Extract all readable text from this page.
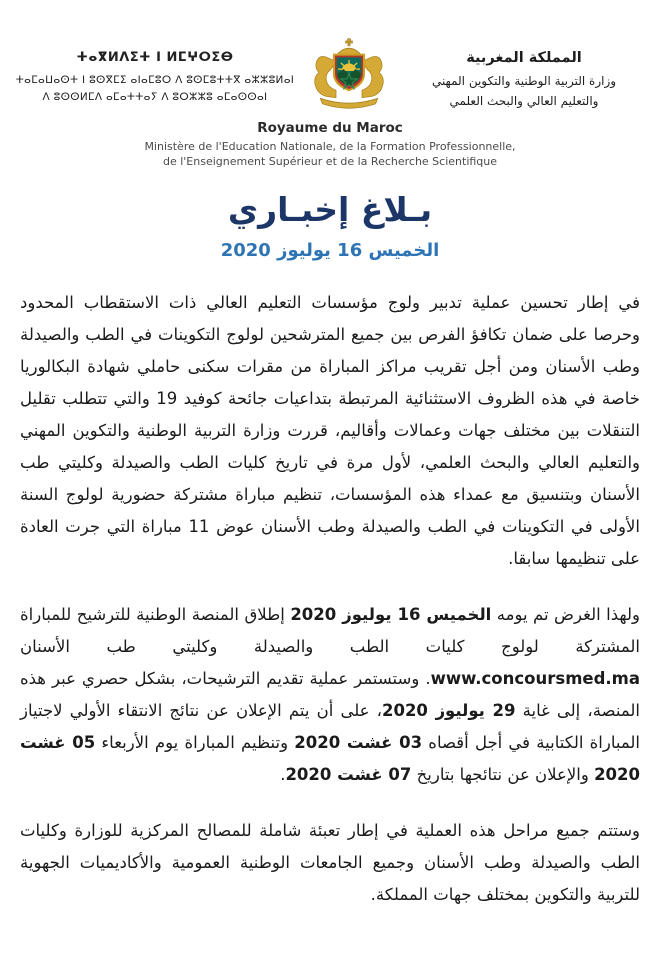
ⵜⴰⴳⵍⴷⵉⵜ ⵏ ⵍⵎⵖⵔⵉⴱ
ⵜⴰⵎⴰⵡⴰⵙⵜ ⵏ ⵓⵙⴳⵎⵉ ⴰⵏⴰⵎⵓⵔ ⴷ ⵓⵙⵎⵓⵜⵜⴳ ⴰⵣⵣⵓⵍⴰⵏ
ⴷ ⵓⵙⵙⵍⵎⴷ ⴰⵎⴰⵜⵜⴰⵢ ⴷ ⵓⵔⵣⵣⵓ ⴰⵎⴰⵙⵙⴰⵏ
المملكة المغربية
وزارة التربية الوطنية والتكوين المهني
والتعليم العالي والبحث العلمي
Royaume du Maroc
Ministère de l'Education Nationale, de la Formation Professionnelle,
de l'Enseignement Supérieur et de la Recherche Scientifique
بـلاغ إخبـاري
الخميس 16 يوليوز 2020

في إطار تحسين عملية تدبير ولوج مؤسسات التعليم العالي ذات الاستقطاب المحدود وحرصا على ضمان تكافؤ الفرص بين جميع المترشحين لولوج التكوينات في الطب والصيدلة وطب الأسنان ومن أجل تقريب مراكز المباراة من مقرات سكنى حاملي شهادة البكالوريا خاصة في هذه الظروف الاستثنائية المرتبطة بتداعيات جائحة كوفيد 19 والتي تتطلب تقليل التنقلات بين مختلف جهات وعمالات وأقاليم، قررت وزارة التربية الوطنية والتكوين المهني والتعليم العالي والبحث العلمي، لأول مرة في تاريخ كليات الطب والصيدلة وكليتي طب الأسنان وبتنسيق مع عمداء هذه المؤسسات، تنظيم مباراة مشتركة حضورية لولوج السنة الأولى في التكوينات في الطب والصيدلة وطب الأسنان عوض 11 مباراة التي جرت العادة على تنظيمها سابقا.

ولهذا الغرض تم يومه الخميس 16 يوليوز 2020 إطلاق المنصة الوطنية للترشيح للمباراة المشتركة لولوج كليات الطب والصيدلة وكليتي طب الأسنان www.concoursmed.ma. وستستمر عملية تقديم الترشيحات، بشكل حصري عبر هذه المنصة، إلى غاية 29 يوليوز 2020، على أن يتم الإعلان عن نتائج الانتقاء الأولي لاجتياز المباراة الكتابية في أجل أقصاه 03 غشت 2020 وتنظيم المباراة يوم الأربعاء 05 غشت 2020 والإعلان عن نتائجها بتاريخ 07 غشت 2020.

وستتم جميع مراحل هذه العملية في إطار تعبئة شاملة للمصالح المركزية للوزارة وكليات الطب والصيدلة وطب الأسنان وجميع الجامعات الوطنية العمومية والأكاديميات الجهوية للتربية والتكوين بمختلف جهات المملكة.
